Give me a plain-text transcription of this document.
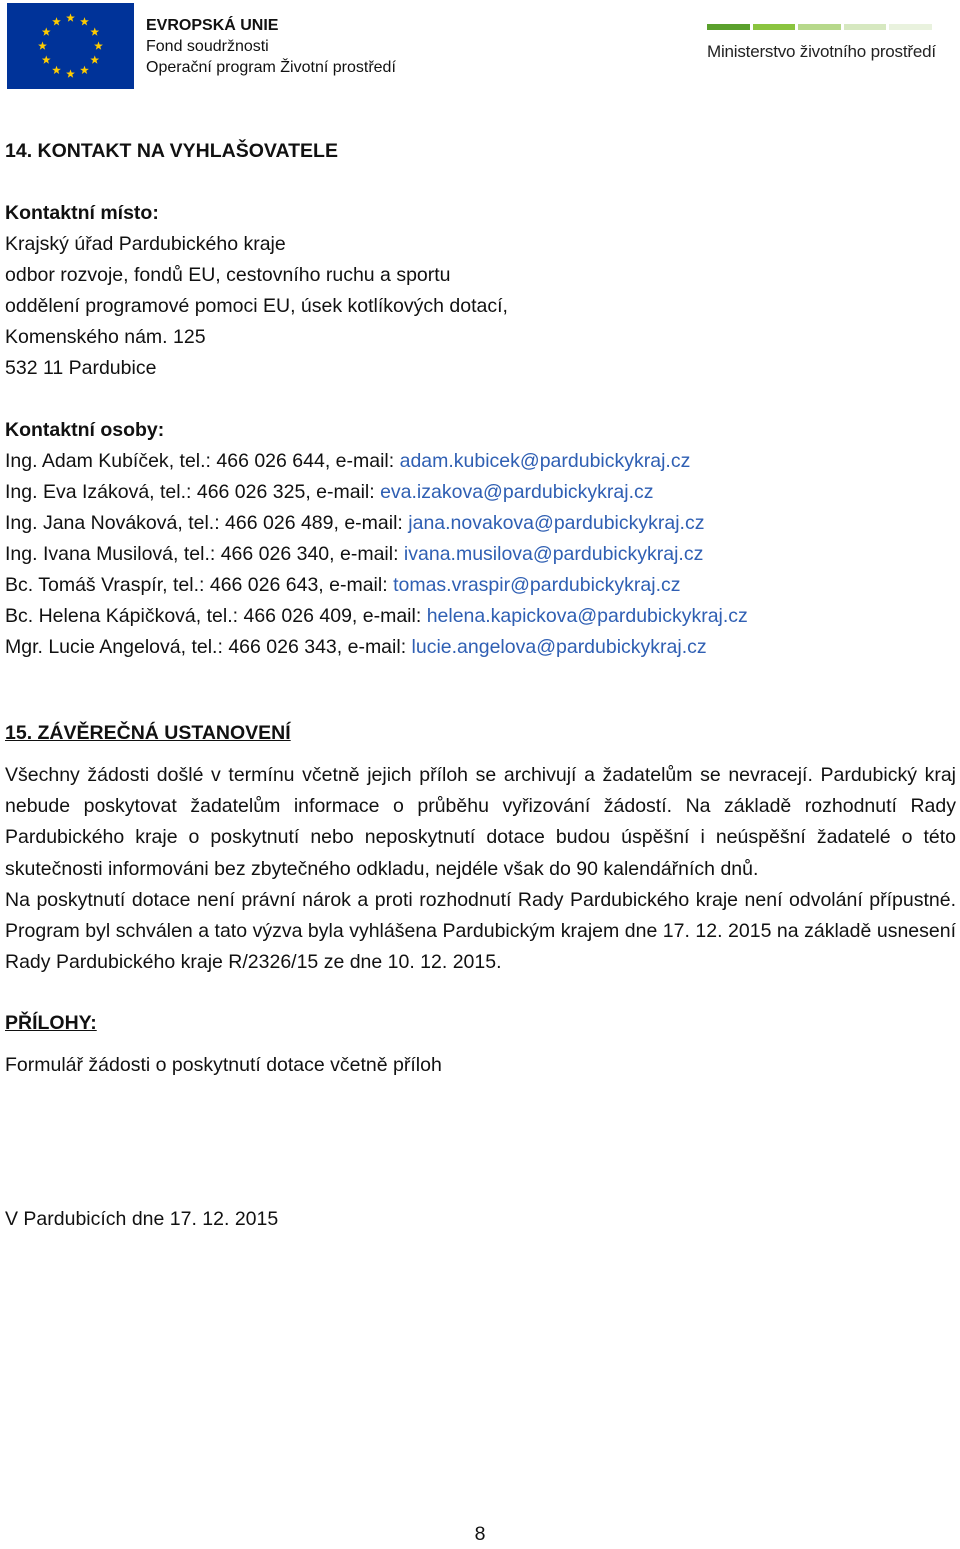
EVROPSKÁ UNIE
Fond soudržnosti
Operační program Životní prostředí
Ministerstvo životního prostředí
14. KONTAKT NA VYHLAŠOVATELE
Kontaktní místo:
Krajský úřad Pardubického kraje
odbor rozvoje, fondů EU, cestovního ruchu a sportu
oddělení programové pomoci EU, úsek kotlíkových dotací,
Komenského nám. 125
532 11 Pardubice
Kontaktní osoby:
Ing. Adam Kubíček, tel.: 466 026 644, e-mail: adam.kubicek@pardubickykraj.cz
Ing. Eva Izáková, tel.: 466 026 325, e-mail: eva.izakova@pardubickykraj.cz
Ing. Jana Nováková, tel.: 466 026 489, e-mail: jana.novakova@pardubickykraj.cz
Ing. Ivana Musilová, tel.: 466 026 340, e-mail: ivana.musilova@pardubickykraj.cz
Bc. Tomáš Vraspír, tel.: 466 026 643, e-mail: tomas.vraspir@pardubickykraj.cz
Bc. Helena Kápičková, tel.: 466 026 409, e-mail: helena.kapickova@pardubickykraj.cz
Mgr. Lucie Angelová, tel.: 466 026 343, e-mail: lucie.angelova@pardubickykraj.cz
15. ZÁVĚREČNÁ USTANOVENÍ
Všechny žádosti došlé v termínu včetně jejich příloh se archivují a žadatelům se nevracejí. Pardubický kraj nebude poskytovat žadatelům informace o průběhu vyřizování žádostí. Na základě rozhodnutí Rady Pardubického kraje o poskytnutí nebo neposkytnutí dotace budou úspěšní i neúspěšní žadatelé o této skutečnosti informováni bez zbytečného odkladu, nejdéle však do 90 kalendářních dnů.
Na poskytnutí dotace není právní nárok a proti rozhodnutí Rady Pardubického kraje není odvolání přípustné. Program byl schválen a tato výzva byla vyhlášena Pardubickým krajem dne 17. 12. 2015 na základě usnesení Rady Pardubického kraje R/2326/15 ze dne 10. 12. 2015.
PŘÍLOHY:
Formulář žádosti o poskytnutí dotace včetně příloh
V Pardubicích dne 17. 12. 2015
8
